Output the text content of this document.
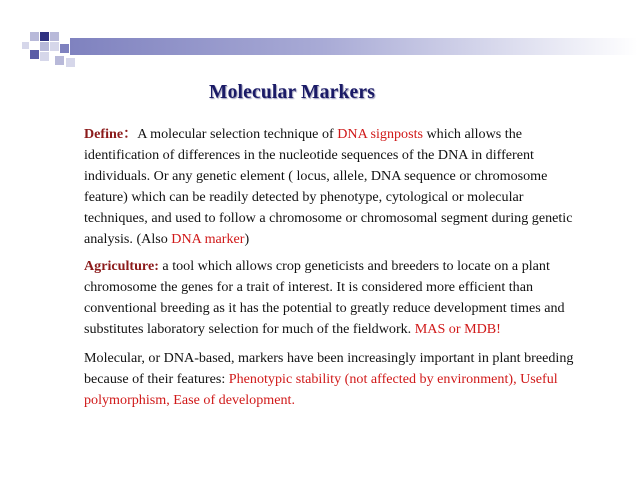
Molecular Markers

Define：A molecular selection technique of DNA signposts which allows the identification of differences in the nucleotide sequences of the DNA in different individuals. Or any genetic element ( locus, allele, DNA sequence or chromosome feature) which can be readily detected by phenotype, cytological or molecular techniques, and used to follow a chromosome or chromosomal segment during genetic analysis. (Also DNA marker)

Agriculture: a tool which allows crop geneticists and breeders to locate on a plant chromosome the genes for a trait of interest. It is considered more efficient than conventional breeding as it has the potential to greatly reduce development times and substitutes laboratory selection for much of the fieldwork. MAS or MDB!

Molecular, or DNA-based, markers have been increasingly important in plant breeding because of their features: Phenotypic stability (not affected by environment), Useful polymorphism, Ease of development.
